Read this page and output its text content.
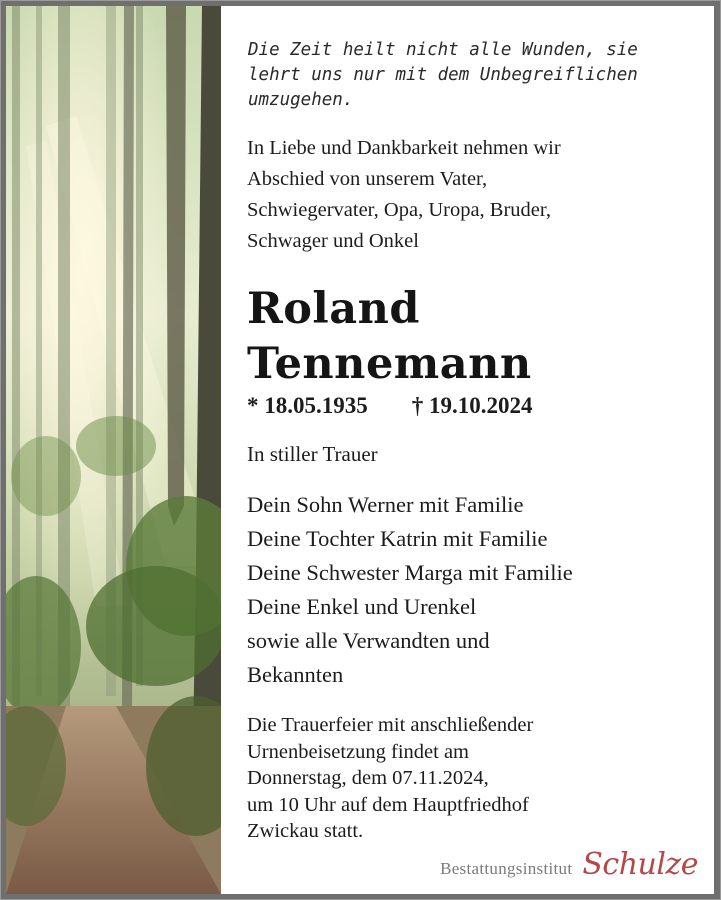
Die Zeit heilt nicht alle Wunden, sie
lehrt uns nur mit dem Unbegreiflichen
umzugehen.
In Liebe und Dankbarkeit nehmen wir
Abschied von unserem Vater,
Schwiegervater, Opa, Uropa, Bruder,
Schwager und Onkel
Roland
Tennemann
* 18.05.1935 † 19.10.2024
In stiller Trauer
Dein Sohn Werner mit Familie
Deine Tochter Katrin mit Familie
Deine Schwester Marga mit Familie
Deine Enkel und Urenkel
sowie alle Verwandten und
Bekannten
Die Trauerfeier mit anschließender
Urnenbeisetzung findet am
Donnerstag, dem 07.11.2024,
um 10 Uhr auf dem Hauptfriedhof
Zwickau statt.
Bestattungsinstitut Schulze
